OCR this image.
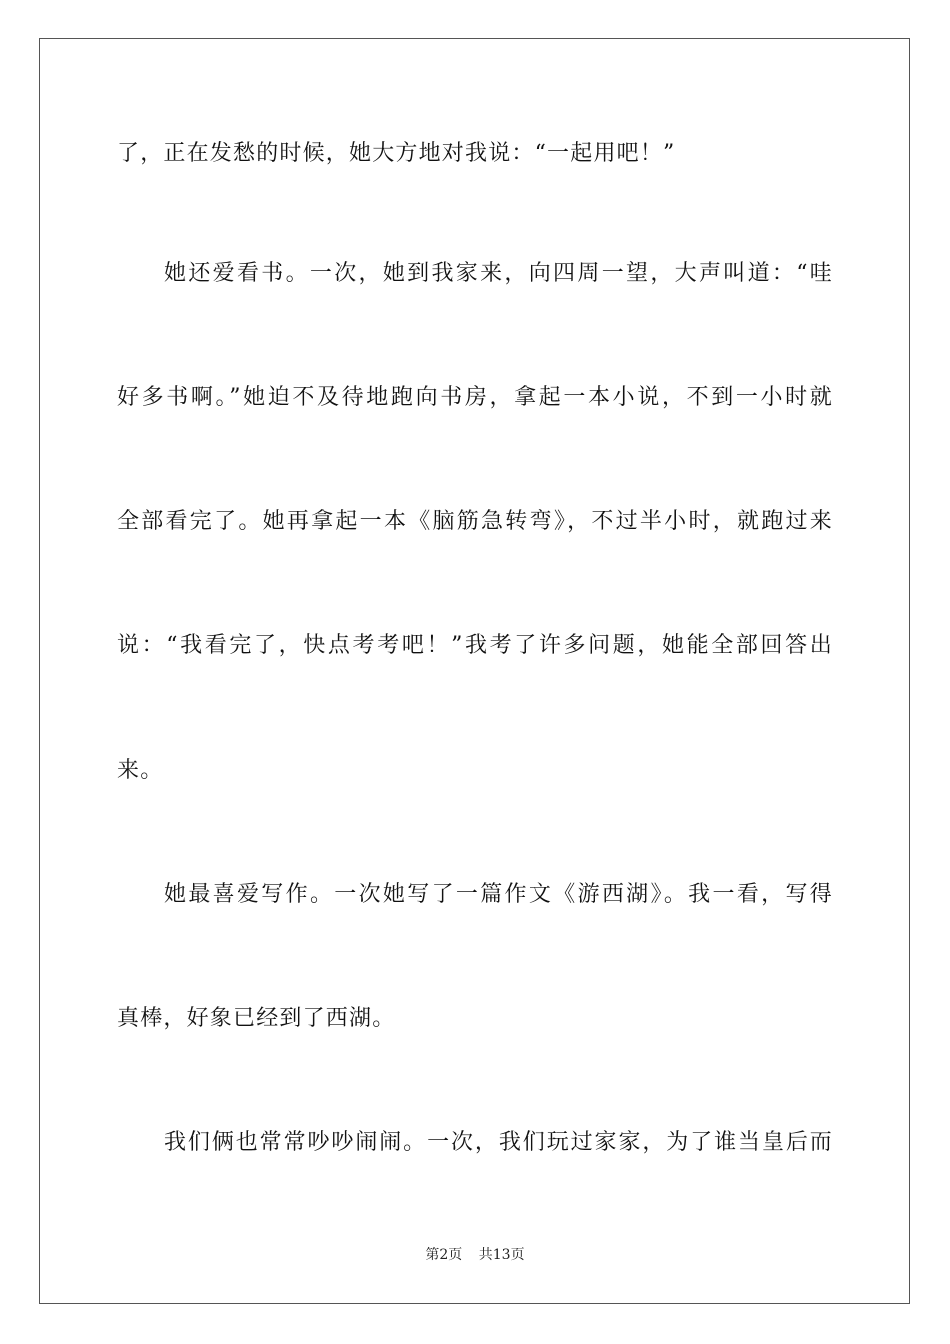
了，正在发愁的时候，她大方地对我说：“一起用吧！”
她还爱看书。一次，她到我家来，向四周一望，大声叫道：“哇
好多书啊。”她迫不及待地跑向书房，拿起一本小说，不到一小时就
全部看完了。她再拿起一本《脑筋急转弯》，不过半小时，就跑过来
说：“我看完了，快点考考吧！”我考了许多问题，她能全部回答出
来。
她最喜爱写作。一次她写了一篇作文《游西湖》。我一看，写得
真棒，好象已经到了西湖。
我们俩也常常吵吵闹闹。一次，我们玩过家家，为了谁当皇后而
第2页 共13页
